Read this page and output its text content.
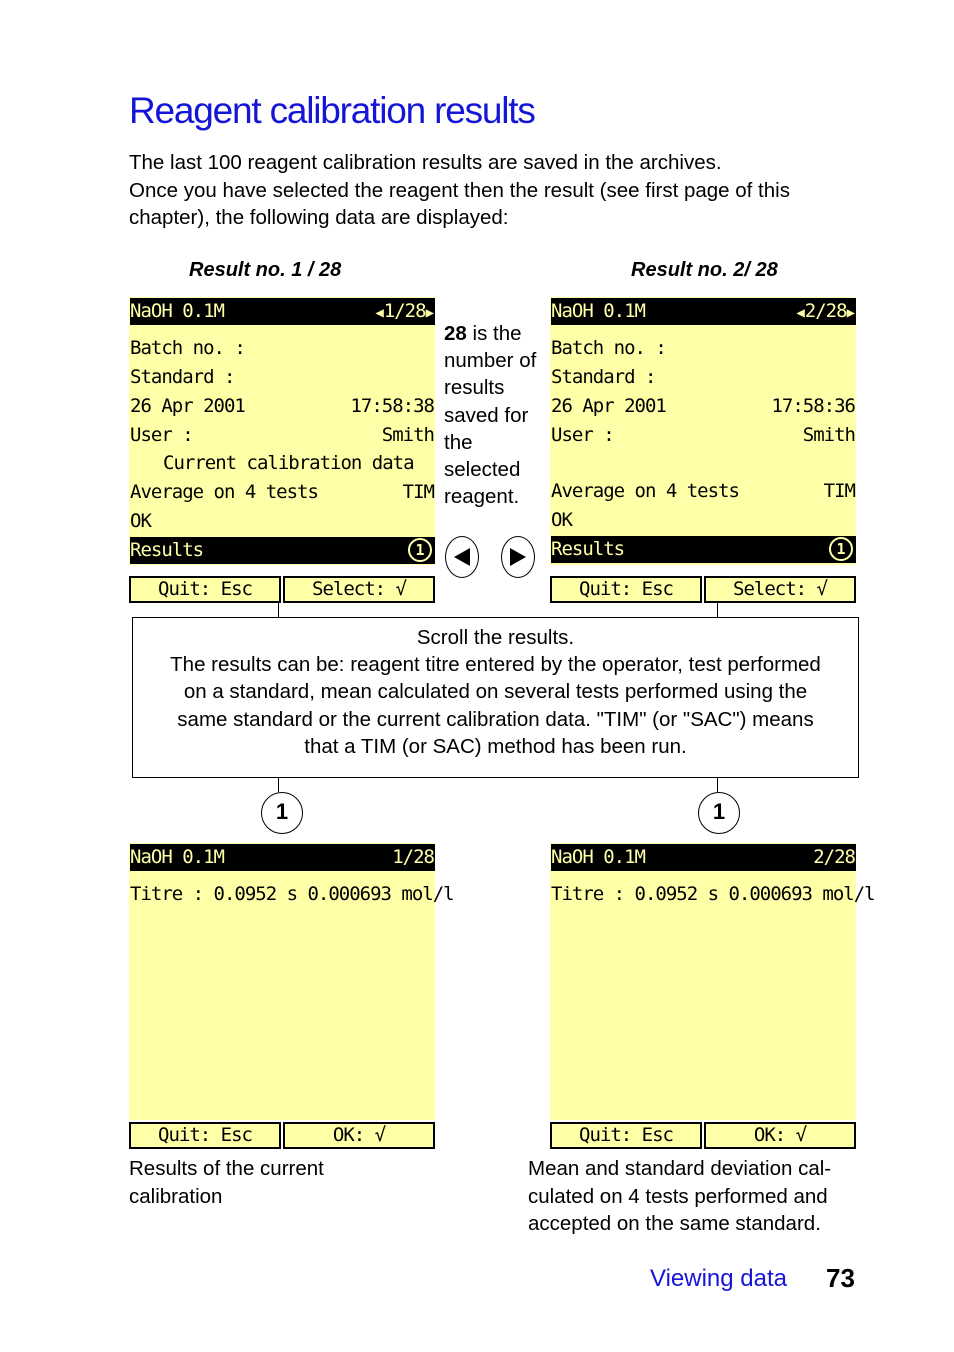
Reagent calibration results
The last 100 reagent calibration results are saved in the archives.
Once you have selected the reagent then the result (see first page of this
chapter), the following data are displayed:
Result no. 1 / 28	Result no. 2/ 28
NaOH 0.1M	◀1/28▶
Batch no. :
Standard :
26 Apr 2001	17:58:38
User :	Smith
Current calibration data
Average on 4 tests	TIM
OK
Results	1
Quit: Esc	Select: √
NaOH 0.1M	◀2/28▶
Batch no. :
Standard :
26 Apr 2001	17:58:36
User :	Smith
Average on 4 tests	TIM
OK
Results	1
Quit: Esc	Select: √
28 is the
number of
results
saved for
the
selected
reagent.
Scroll the results.
The results can be: reagent titre entered by the operator, test performed
on a standard, mean calculated on several tests performed using the
same standard or the current calibration data. "TIM" (or "SAC") means
that a TIM (or SAC) method has been run.
1	1
NaOH 0.1M	1/28
Titre : 0.0952 s 0.000693 mol/l
Quit: Esc	OK: √
NaOH 0.1M	2/28
Titre : 0.0952 s 0.000693 mol/l
Quit: Esc	OK: √
Results of the current
calibration
Mean and standard deviation cal-
culated on 4 tests performed and
accepted on the same standard.
Viewing data 73
